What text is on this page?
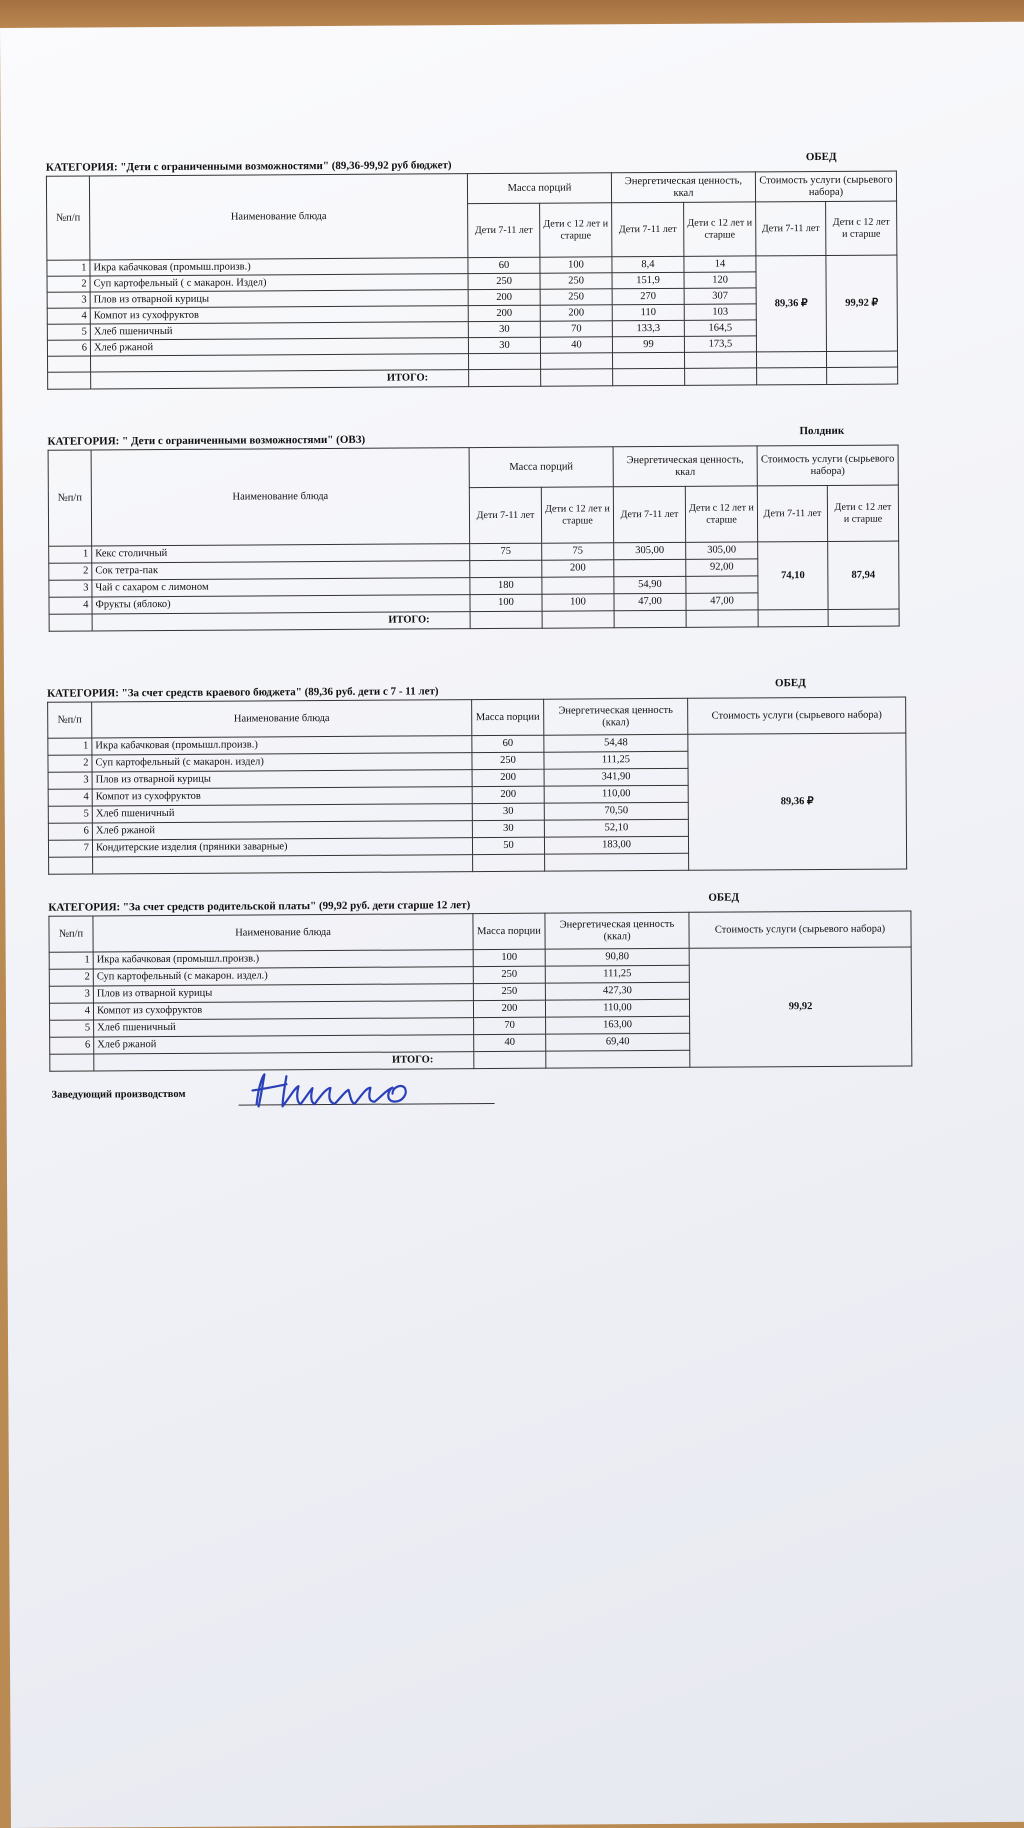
КАТЕГОРИЯ: "Дети с ограниченными возможностями" (89,36-99,92 руб бюджет)
ОБЕД
№п/п	Наименование блюда	Масса порций		Энергетическая ценность, ккал		Стоимость услуги (сырьевого набора)	
		Дети 7-11 лет	Дети с 12 лет и старше	Дети 7-11 лет	Дети с 12 лет и старше	Дети 7-11 лет	Дети с 12 лет и старше
1	Икра кабачковая (промыш.произв.)	60	100	8,4	14	89,36 ₽	99,92 ₽
2	Суп картофельный ( с макарон. Издел)	250	250	151,9	120		
3	Плов из отварной курицы	200	250	270	307		
4	Компот из сухофруктов	200	200	110	103		
5	Хлеб пшеничный	30	70	133,3	164,5		
6	Хлеб ржаной	30	40	99	173,5		

	ИТОГО:						
КАТЕГОРИЯ: " Дети с ограниченными возможностями" (ОВЗ)
Полдник
№п/п	Наименование блюда	Масса порций		Энергетическая ценность, ккал		Стоимость услуги (сырьевого набора)	
		Дети 7-11 лет	Дети с 12 лет и старше	Дети 7-11 лет	Дети с 12 лет и старше	Дети 7-11 лет	Дети с 12 лет и старше
1	Кекс столичный	75	75	305,00	305,00	74,10	87,94
2	Сок тетра-пак		200		92,00		
3	Чай с сахаром с лимоном	180		54,90			
4	Фрукты (яблоко)	100	100	47,00	47,00		
	ИТОГО:						
КАТЕГОРИЯ: "За счет средств краевого бюджета" (89,36 руб. дети с 7 - 11 лет)
ОБЕД
№п/п	Наименование блюда	Масса порции	Энергетическая ценность (ккал)	Стоимость услуги (сырьевого набора)
1	Икра кабачковая (промышл.произв.)	60	54,48	89,36 ₽
2	Суп картофельный (с макарон. издел)	250	111,25	
3	Плов из отварной курицы	200	341,90	
4	Компот из сухофруктов	200	110,00	
5	Хлеб пшеничный	30	70,50	
6	Хлеб ржаной	30	52,10	
7	Кондитерские изделия (пряники заварные)	50	183,00	

КАТЕГОРИЯ: "За счет средств родительской платы" (99,92 руб. дети старше 12 лет)
ОБЕД
№п/п	Наименование блюда	Масса порции	Энергетическая ценность (ккал)	Стоимость услуги (сырьевого набора)
1	Икра кабачковая (промышл.произв.)	100	90,80	99,92
2	Суп картофельный (с макарон. издел.)	250	111,25	
3	Плов из отварной курицы	250	427,30	
4	Компот из сухофруктов	200	110,00	
5	Хлеб пшеничный	70	163,00	
6	Хлеб ржаной	40	69,40	
	ИТОГО:			
Заведующий производством
